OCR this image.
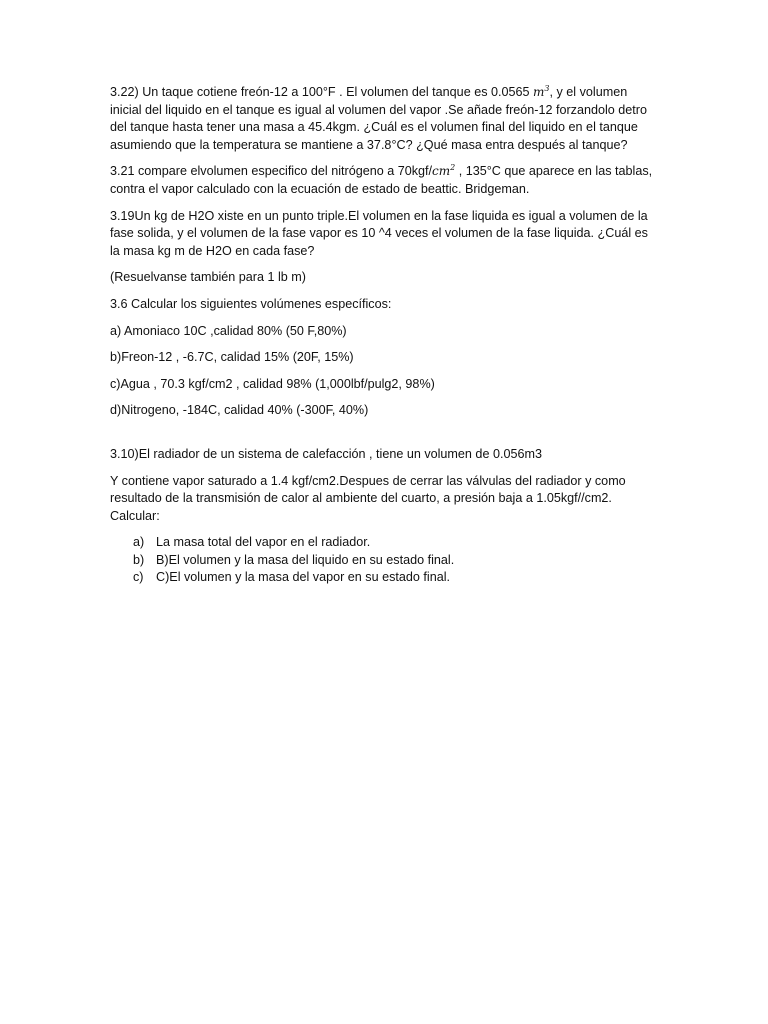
3.22) Un taque cotiene freón-12 a 100°F . El volumen del tanque es 0.0565 $m^3$, y el volumen inicial del liquido en el tanque es igual al volumen del vapor .Se añade freón-12 forzandolo detro del tanque hasta tener una masa a 45.4kgm. ¿Cuál es el volumen final del liquido en el tanque asumiendo que la temperatura se mantiene a 37.8°C? ¿Qué masa entra después al tanque?

3.21 compare elvolumen especifico del nitrógeno a $70kgf/cm^2$ , 135°C que aparece en las tablas, contra el vapor calculado con la ecuación de estado de beattic. Bridgeman.

3.19Un kg de H2O xiste en un punto triple.El volumen en la fase liquida es igual a volumen de la fase solida, y el volumen de la fase vapor es 10 ^4 veces el volumen de la fase liquida. ¿Cuál es la masa kg m de H2O en cada fase?

(Resuelvanse también para 1 lb m)

3.6 Calcular los siguientes volúmenes específicos:

a) Amoniaco 10C ,calidad 80% (50 F,80%)

b)Freon-12 , -6.7C, calidad 15% (20F, 15%)

c)Agua , 70.3 kgf/cm2 , calidad 98% (1,000lbf/pulg2, 98%)

d)Nitrogeno, -184C, calidad 40% (-300F, 40%)

3.10)El radiador de un sistema de calefacción , tiene un volumen de 0.056m3

Y contiene vapor saturado a 1.4 kgf/cm2.Despues de cerrar las válvulas del radiador y como resultado de la transmisión de calor al ambiente del cuarto, a presión baja a 1.05kgf//cm2. Calcular:

a) La masa total del vapor en el radiador.
b) B)El volumen y la masa del liquido en su estado final.
c) C)El volumen y la masa del vapor en su estado final.
